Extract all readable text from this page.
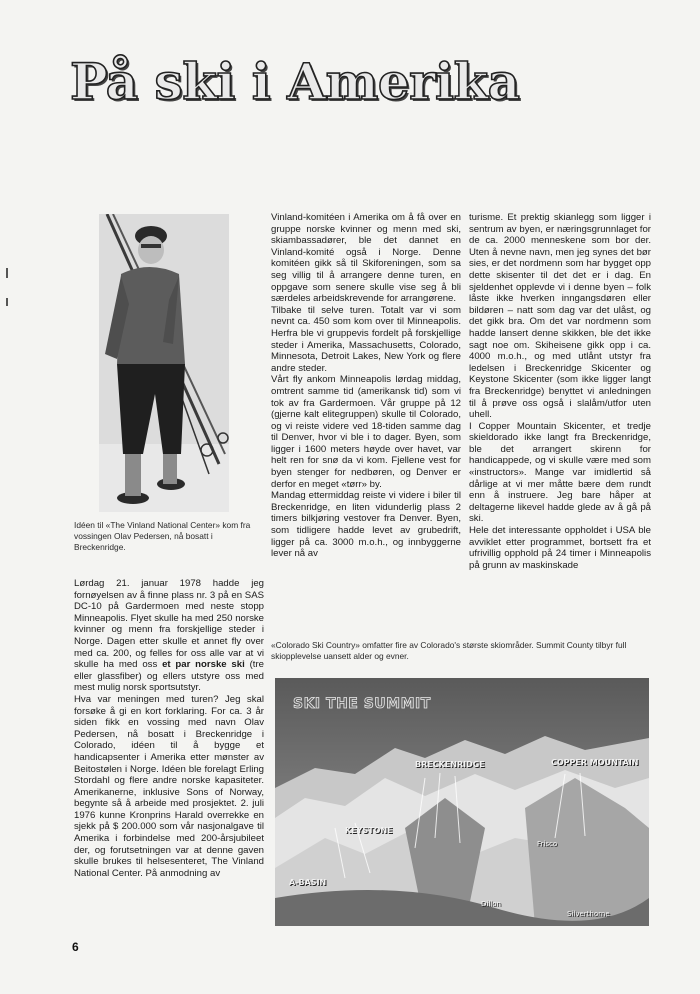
På ski i Amerika
Idéen til «The Vinland National Center» kom fra vossingen Olav Pedersen, nå bosatt i Breckenridge.

Lørdag 21. januar 1978 hadde jeg fornøyelsen av å finne plass nr. 3 på en SAS DC-10 på Gardermoen med neste stopp Minneapolis. Flyet skulle ha med 250 norske kvinner og menn fra forskjellige steder i Norge. Dagen etter skulle et annet fly over med ca. 200, og felles for oss alle var at vi skulle ha med oss et par norske ski (tre eller glassfiber) og ellers utstyre oss med mest mulig norsk sportsutstyr.

Hva var meningen med turen? Jeg skal forsøke å gi en kort forklaring. For ca. 3 år siden fikk en vossing med navn Olav Pedersen, nå bosatt i Breckenridge i Colorado, idéen til å bygge et handicapsenter i Amerika etter mønster av Beitostølen i Norge. Idéen ble forelagt Erling Stordahl og flere andre norske kapasiteter. Amerikanerne, inklusive Sons of Norway, begynte så å arbeide med prosjektet. 2. juli 1976 kunne Kronprins Harald overrekke en sjekk på $ 200.000 som vår nasjonalgave til Amerika i forbindelse med 200-årsjubileet der, og forutsetningen var at denne gaven skulle brukes til helsesenteret, The Vinland National Center. På anmodning av

Vinland-komitéen i Amerika om å få over en gruppe norske kvinner og menn med ski, skiambassadører, ble det dannet en Vinland-komité også i Norge. Denne komitéen gikk så til Skiforeningen, som sa seg villig til å arrangere denne turen, en oppgave som senere skulle vise seg å bli særdeles arbeidskrevende for arrangørene.

Tilbake til selve turen. Totalt var vi som nevnt ca. 450 som kom over til Minneapolis. Herfra ble vi gruppevis fordelt på forskjellige steder i Amerika, Massachusetts, Colorado, Minnesota, Detroit Lakes, New York og flere andre steder.

Vårt fly ankom Minneapolis lørdag middag, omtrent samme tid (amerikansk tid) som vi tok av fra Gardermoen. Vår gruppe på 12 (gjerne kalt elitegruppen) skulle til Colorado, og vi reiste videre ved 18-tiden samme dag til Denver, hvor vi ble i to dager. Byen, som ligger i 1600 meters høyde over havet, var helt ren for snø da vi kom. Fjellene vest for byen stenger for nedbøren, og Denver er derfor en meget «tørr» by.

Mandag ettermiddag reiste vi videre i biler til Breckenridge, en liten vidunderlig plass 2 timers bilkjøring vestover fra Denver. Byen, som tidligere hadde levet av grubedrift, ligger på ca. 3000 m.o.h., og innbyggerne lever nå av

turisme. Et prektig skianlegg som ligger i sentrum av byen, er næringsgrunnlaget for de ca. 2000 menneskene som bor der. Uten å nevne navn, men jeg synes det bør sies, er det nordmenn som har bygget opp dette skisenter til det det er i dag. En sjeldenhet opplevde vi i denne byen – folk låste ikke hverken inngangsdøren eller bildøren – natt som dag var det ulåst, og det gikk bra. Om det var nordmenn som hadde lansert denne skikken, ble det ikke sagt noe om. Skiheisene gikk opp i ca. 4000 m.o.h., og med utlånt utstyr fra ledelsen i Breckenridge Skicenter og Keystone Skicenter (som ikke ligger langt fra Breckenridge) benyttet vi anledningen til å prøve oss også i slalåm/utfor uten uhell.

I Copper Mountain Skicenter, et tredje skieldorado ikke langt fra Breckenridge, ble det arrangert skirenn for handicappede, og vi skulle være med som «instructors». Mange var imidlertid så dårlige at vi mer måtte bære dem rundt enn å instruere. Jeg bare håper at deltagerne likevel hadde glede av å gå på ski.

Hele det interessante oppholdet i USA ble avviklet etter programmet, bortsett fra et ufrivillig opphold på 24 timer i Minneapolis på grunn av maskinskade

«Colorado Ski Country» omfatter fire av Colorado's største skiområder. Summit County tilbyr full skiopplevelse uansett alder og evner.
SKI THE SUMMIT
BRECKENRIDGE	COPPER MOUNTAIN
KEYSTONE
A-BASIN
Frisco
Dillon
Silverthorne
6
